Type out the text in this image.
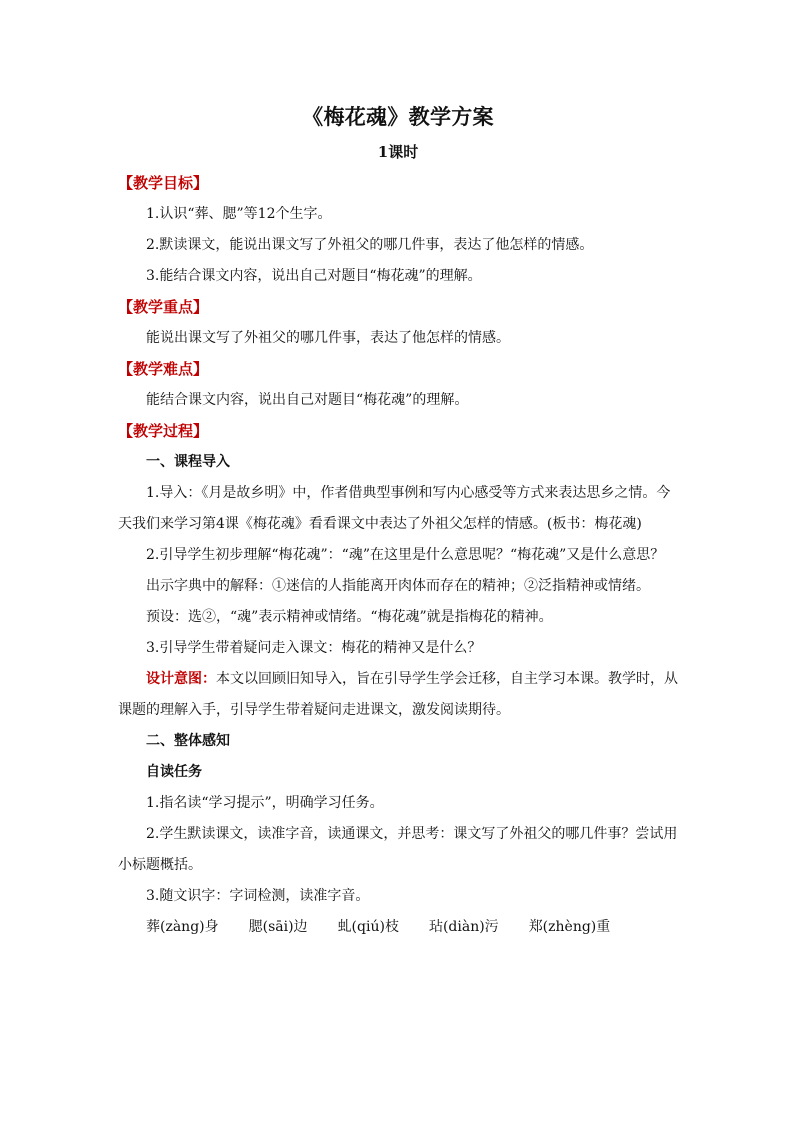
《梅花魂》教学方案
1课时
【教学目标】

1.认识“葬、腮”等12个生字。

2.默读课文，能说出课文写了外祖父的哪几件事，表达了他怎样的情感。

3.能结合课文内容，说出自己对题目“梅花魂”的理解。

【教学重点】

能说出课文写了外祖父的哪几件事，表达了他怎样的情感。

【教学难点】

能结合课文内容，说出自己对题目“梅花魂”的理解。

【教学过程】

一、课程导入

1.导入：《月是故乡明》中，作者借典型事例和写内心感受等方式来表达思乡之情。今天我们来学习第4课《梅花魂》看看课文中表达了外祖父怎样的情感。(板书：梅花魂)

2.引导学生初步理解“梅花魂”：“魂”在这里是什么意思呢？“梅花魂”又是什么意思？

出示字典中的解释：①迷信的人指能离开肉体而存在的精神；②泛指精神或情绪。

预设：选②，“魂”表示精神或情绪。“梅花魂”就是指梅花的精神。

3.引导学生带着疑问走入课文：梅花的精神又是什么？

设计意图：本文以回顾旧知导入，旨在引导学生学会迁移，自主学习本课。教学时，从课题的理解入手，引导学生带着疑问走进课文，激发阅读期待。

二、整体感知

自读任务

1.指名读“学习提示”，明确学习任务。

2.学生默读课文，读准字音，读通课文，并思考：课文写了外祖父的哪几件事？尝试用小标题概括。

3.随文识字：字词检测，读准字音。

葬(zàng)身 腮(sāi)边 虬(qiú)枝 玷(diàn)污 郑(zhèng)重
